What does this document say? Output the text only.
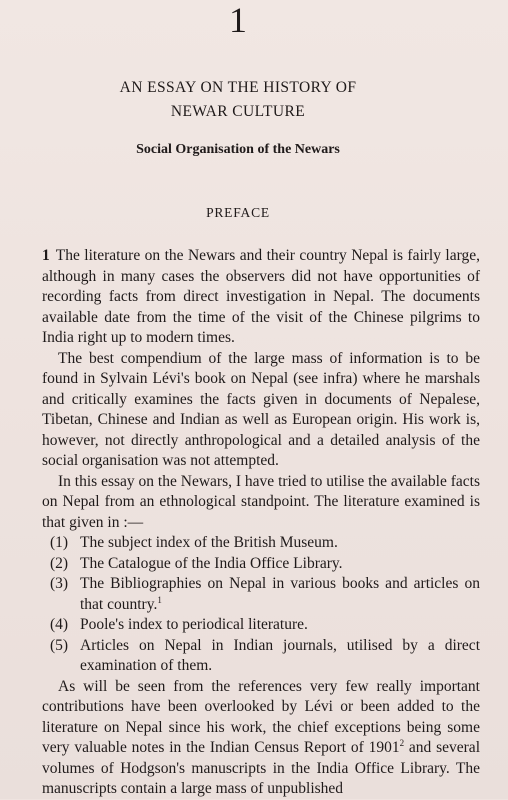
1
AN ESSAY ON THE HISTORY OF
NEWAR CULTURE
Social Organisation of the Newars
PREFACE

1 The literature on the Newars and their country Nepal is fairly large, although in many cases the observers did not have opportunities of recording facts from direct investigation in Nepal. The documents available date from the time of the visit of the Chinese pilgrims to India right up to modern times.

The best compendium of the large mass of information is to be found in Sylvain Lévi's book on Nepal (see infra) where he marshals and critically examines the facts given in documents of Nepalese, Tibetan, Chinese and Indian as well as European origin. His work is, however, not directly anthropological and a detailed analysis of the social organisation was not attempted.

In this essay on the Newars, I have tried to utilise the available facts on Nepal from an ethnological standpoint. The literature examined is that given in :—

(1) The subject index of the British Museum.
(2) The Catalogue of the India Office Library.
(3) The Bibliographies on Nepal in various books and articles on that country.$^1$
(4) Poole's index to periodical literature.
(5) Articles on Nepal in Indian journals, utilised by a direct examination of them.

As will be seen from the references very few really important contributions have been overlooked by Lévi or been added to the literature on Nepal since his work, the chief exceptions being some very valuable notes in the Indian Census Report of 1901$^2$ and several volumes of Hodgson's manuscripts in the India Office Library. The manuscripts contain a large mass of unpublished
